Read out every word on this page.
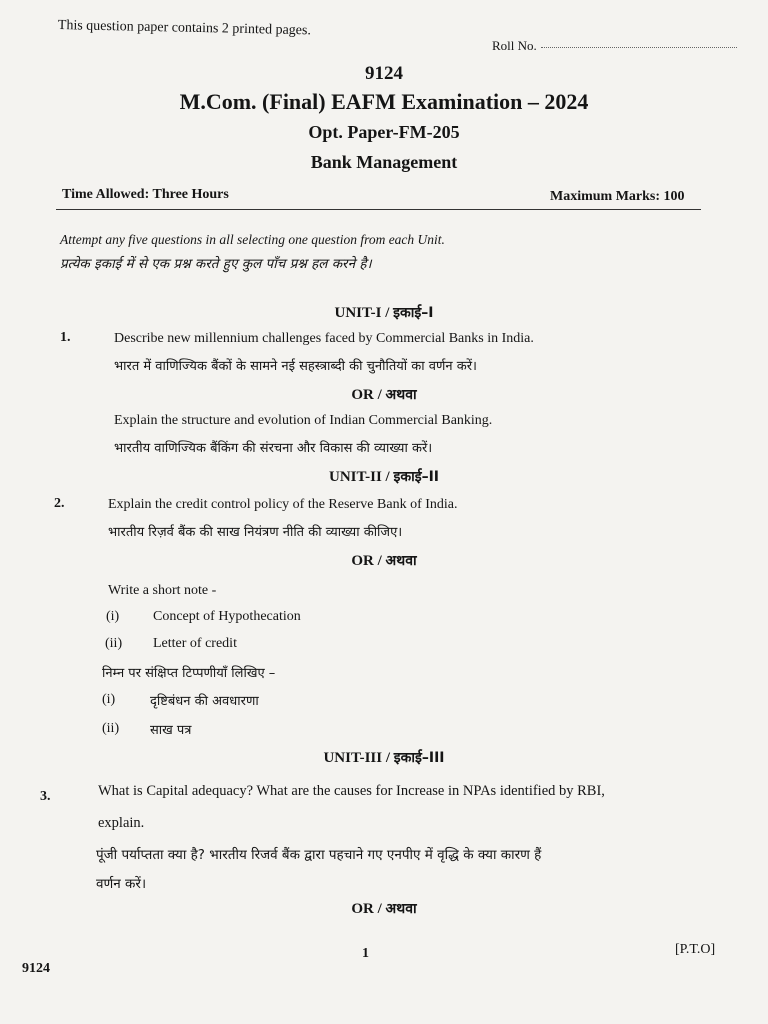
This question paper contains 2 printed pages.
Roll No.
9124
M.Com. (Final) EAFM Examination – 2024
Opt. Paper-FM-205
Bank Management
Time Allowed: Three Hours	Maximum Marks: 100
Attempt any five questions in all selecting one question from each Unit.
प्रत्येक इकाई में से एक प्रश्न करते हुए कुल पाँच प्रश्न हल करने है।
UNIT-I / इकाई–I
1.	Describe new millennium challenges faced by Commercial Banks in India.
भारत में वाणिज्यिक बैंकों के सामने नई सहस्त्राब्दी की चुनौतियों का वर्णन करें।
OR / अथवा
Explain the structure and evolution of Indian Commercial Banking.
भारतीय वाणिज्यिक बैंकिंग की संरचना और विकास की व्याख्या करें।
UNIT-II / इकाई–II
2.	Explain the credit control policy of the Reserve Bank of India.
भारतीय रिज़र्व बैंक की साख नियंत्रण नीति की व्याख्या कीजिए।
OR / अथवा
Write a short note -
(i) Concept of Hypothecation
(ii) Letter of credit
निम्न पर संक्षिप्त टिप्पणीयाँ लिखिए –
(i)	दृष्टिबंधन की अवधारणा
(ii) साख पत्र
UNIT-III / इकाई–III
3.	What is Capital adequacy? What are the causes for Increase in NPAs identified by RBI,
explain.
पूंजी पर्याप्तता क्या है? भारतीय रिजर्व बैंक द्वारा पहचाने गए एनपीए में वृद्धि के क्या कारण हैं
वर्णन करें।
OR / अथवा
1	[P.T.O]
9124
